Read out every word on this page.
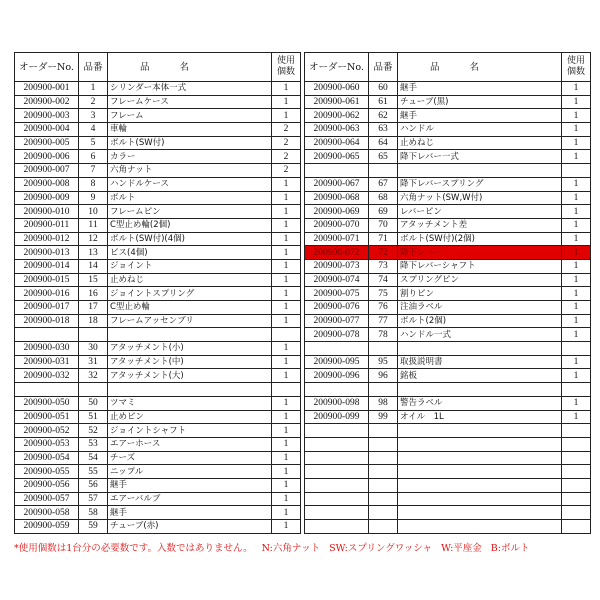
オーダーNo.	品番	品名	使用
個数
200900-001	1	シリンダー本体一式	1
200900-002	2	フレームケース	1
200900-003	3	フレーム	1
200900-004	4	車輪	2
200900-005	5	ボルト(SW付)	2
200900-006	6	カラー	2
200900-007	7	六角ナット	2
200900-008	8	ハンドルケース	1
200900-009	9	ボルト	1
200900-010	10	フレームピン	1
200900-011	11	C型止め輪(2個)	1
200900-012	12	ボルト(SW付)(4個)	1
200900-013	13	ビス(4個)	1
200900-014	14	ジョイント	1
200900-015	15	止めねじ	1
200900-016	16	ジョイントスプリング	1
200900-017	17	C型止め輪	1
200900-018	18	フレームアッセンブリ	1

200900-030	30	アタッチメント(小)	1
200900-031	31	アタッチメント(中)	1
200900-032	32	アタッチメント(大)	1

200900-050	50	ツマミ	1
200900-051	51	止めピン	1
200900-052	52	ジョイントシャフト	1
200900-053	53	エアーホース	1
200900-054	54	チーズ	1
200900-055	55	ニップル	1
200900-056	56	継手	1
200900-057	57	エアーバルブ	1
200900-058	58	継手	1
200900-059	59	チューブ(赤)	1
オーダーNo.	品番	品名	使用
個数
200900-060	60	継手	1
200900-061	61	チューブ(黒)	1
200900-062	62	継手	1
200900-063	63	ハンドル	1
200900-064	64	止めねじ	1
200900-065	65	降下レバー一式	1

200900-067	67	降下レバースプリング	1
200900-068	68	六角ナット(SW,W付)	1
200900-069	69	レバーピン	1
200900-070	70	アタッチメント差	1
200900-071	71	ボルト(SW付)(2個)	1
200900-072	72	降下レバー	1
200900-073	73	降下レバーシャフト	1
200900-074	74	スプリングピン	1
200900-075	75	割りピン	1
200900-076	76	注油ラベル	1
200900-077	77	ボルト(2個)	1
200900-078	78	ハンドル一式	1

200900-095	95	取扱説明書	1
200900-096	96	銘板	1

200900-098	98	警告ラベル	1
200900-099	99	オイル　1L	1

*使用個数は1台分の必要数です。入数ではありません。 N:六角ナット SW:スプリングワッシャ W:平座金 B:ボルト
